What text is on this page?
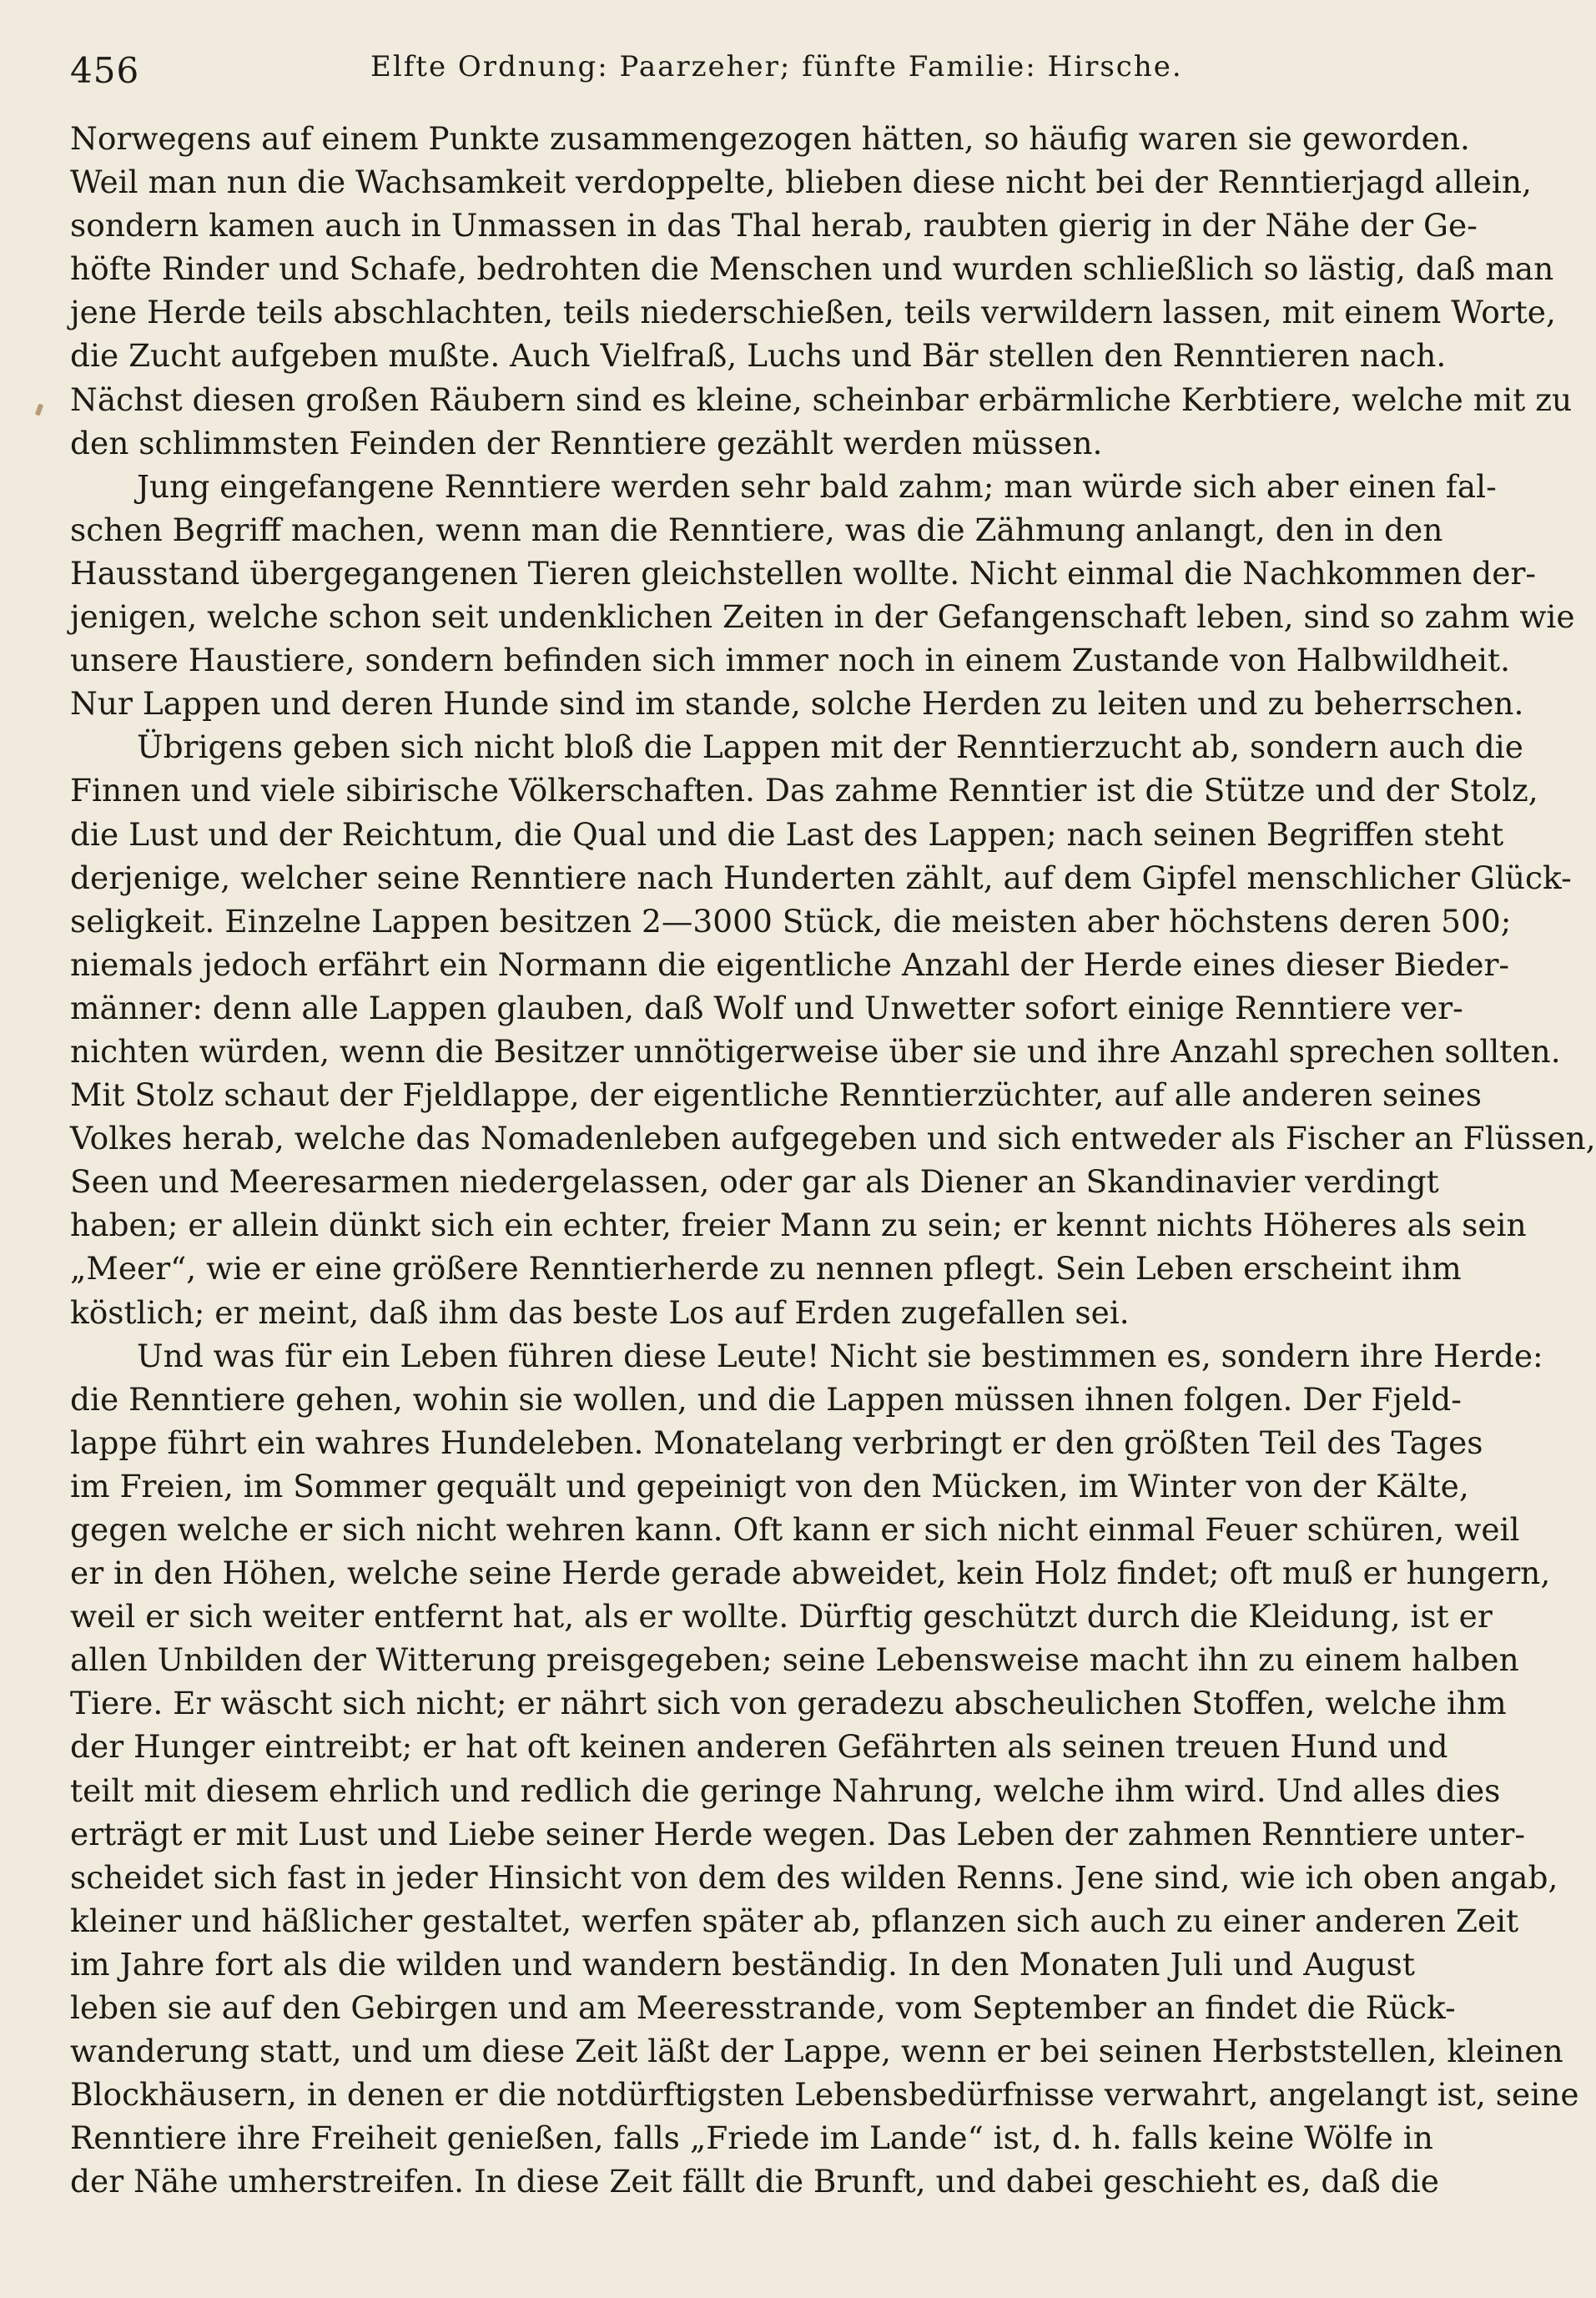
456	Elfte Ordnung: Paarzeher; fünfte Familie: Hirsche.
Norwegens auf einem Punkte zusammengezogen hätten, so häufig waren sie geworden.
Weil man nun die Wachsamkeit verdoppelte, blieben diese nicht bei der Renntierjagd allein,
sondern kamen auch in Unmassen in das Thal herab, raubten gierig in der Nähe der Ge-
höfte Rinder und Schafe, bedrohten die Menschen und wurden schließlich so lästig, daß man
jene Herde teils abschlachten, teils niederschießen, teils verwildern lassen, mit einem Worte,
die Zucht aufgeben mußte. Auch Vielfraß, Luchs und Bär stellen den Renntieren nach.
Nächst diesen großen Räubern sind es kleine, scheinbar erbärmliche Kerbtiere, welche mit zu
den schlimmsten Feinden der Renntiere gezählt werden müssen.
Jung eingefangene Renntiere werden sehr bald zahm; man würde sich aber einen fal-
schen Begriff machen, wenn man die Renntiere, was die Zähmung anlangt, den in den
Hausstand übergegangenen Tieren gleichstellen wollte. Nicht einmal die Nachkommen der-
jenigen, welche schon seit undenklichen Zeiten in der Gefangenschaft leben, sind so zahm wie
unsere Haustiere, sondern befinden sich immer noch in einem Zustande von Halbwildheit.
Nur Lappen und deren Hunde sind im stande, solche Herden zu leiten und zu beherrschen.
Übrigens geben sich nicht bloß die Lappen mit der Renntierzucht ab, sondern auch die
Finnen und viele sibirische Völkerschaften. Das zahme Renntier ist die Stütze und der Stolz,
die Lust und der Reichtum, die Qual und die Last des Lappen; nach seinen Begriffen steht
derjenige, welcher seine Renntiere nach Hunderten zählt, auf dem Gipfel menschlicher Glück-
seligkeit. Einzelne Lappen besitzen 2—3000 Stück, die meisten aber höchstens deren 500;
niemals jedoch erfährt ein Normann die eigentliche Anzahl der Herde eines dieser Bieder-
männer: denn alle Lappen glauben, daß Wolf und Unwetter sofort einige Renntiere ver-
nichten würden, wenn die Besitzer unnötigerweise über sie und ihre Anzahl sprechen sollten.
Mit Stolz schaut der Fjeldlappe, der eigentliche Renntierzüchter, auf alle anderen seines
Volkes herab, welche das Nomadenleben aufgegeben und sich entweder als Fischer an Flüssen,
Seen und Meeresarmen niedergelassen, oder gar als Diener an Skandinavier verdingt
haben; er allein dünkt sich ein echter, freier Mann zu sein; er kennt nichts Höheres als sein
„Meer“, wie er eine größere Renntierherde zu nennen pflegt. Sein Leben erscheint ihm
köstlich; er meint, daß ihm das beste Los auf Erden zugefallen sei.
Und was für ein Leben führen diese Leute! Nicht sie bestimmen es, sondern ihre Herde:
die Renntiere gehen, wohin sie wollen, und die Lappen müssen ihnen folgen. Der Fjeld-
lappe führt ein wahres Hundeleben. Monatelang verbringt er den größten Teil des Tages
im Freien, im Sommer gequält und gepeinigt von den Mücken, im Winter von der Kälte,
gegen welche er sich nicht wehren kann. Oft kann er sich nicht einmal Feuer schüren, weil
er in den Höhen, welche seine Herde gerade abweidet, kein Holz findet; oft muß er hungern,
weil er sich weiter entfernt hat, als er wollte. Dürftig geschützt durch die Kleidung, ist er
allen Unbilden der Witterung preisgegeben; seine Lebensweise macht ihn zu einem halben
Tiere. Er wäscht sich nicht; er nährt sich von geradezu abscheulichen Stoffen, welche ihm
der Hunger eintreibt; er hat oft keinen anderen Gefährten als seinen treuen Hund und
teilt mit diesem ehrlich und redlich die geringe Nahrung, welche ihm wird. Und alles dies
erträgt er mit Lust und Liebe seiner Herde wegen. Das Leben der zahmen Renntiere unter-
scheidet sich fast in jeder Hinsicht von dem des wilden Renns. Jene sind, wie ich oben angab,
kleiner und häßlicher gestaltet, werfen später ab, pflanzen sich auch zu einer anderen Zeit
im Jahre fort als die wilden und wandern beständig. In den Monaten Juli und August
leben sie auf den Gebirgen und am Meeresstrande, vom September an findet die Rück-
wanderung statt, und um diese Zeit läßt der Lappe, wenn er bei seinen Herbststellen, kleinen
Blockhäusern, in denen er die notdürftigsten Lebensbedürfnisse verwahrt, angelangt ist, seine
Renntiere ihre Freiheit genießen, falls „Friede im Lande“ ist, d. h. falls keine Wölfe in
der Nähe umherstreifen. In diese Zeit fällt die Brunft, und dabei geschieht es, daß die
